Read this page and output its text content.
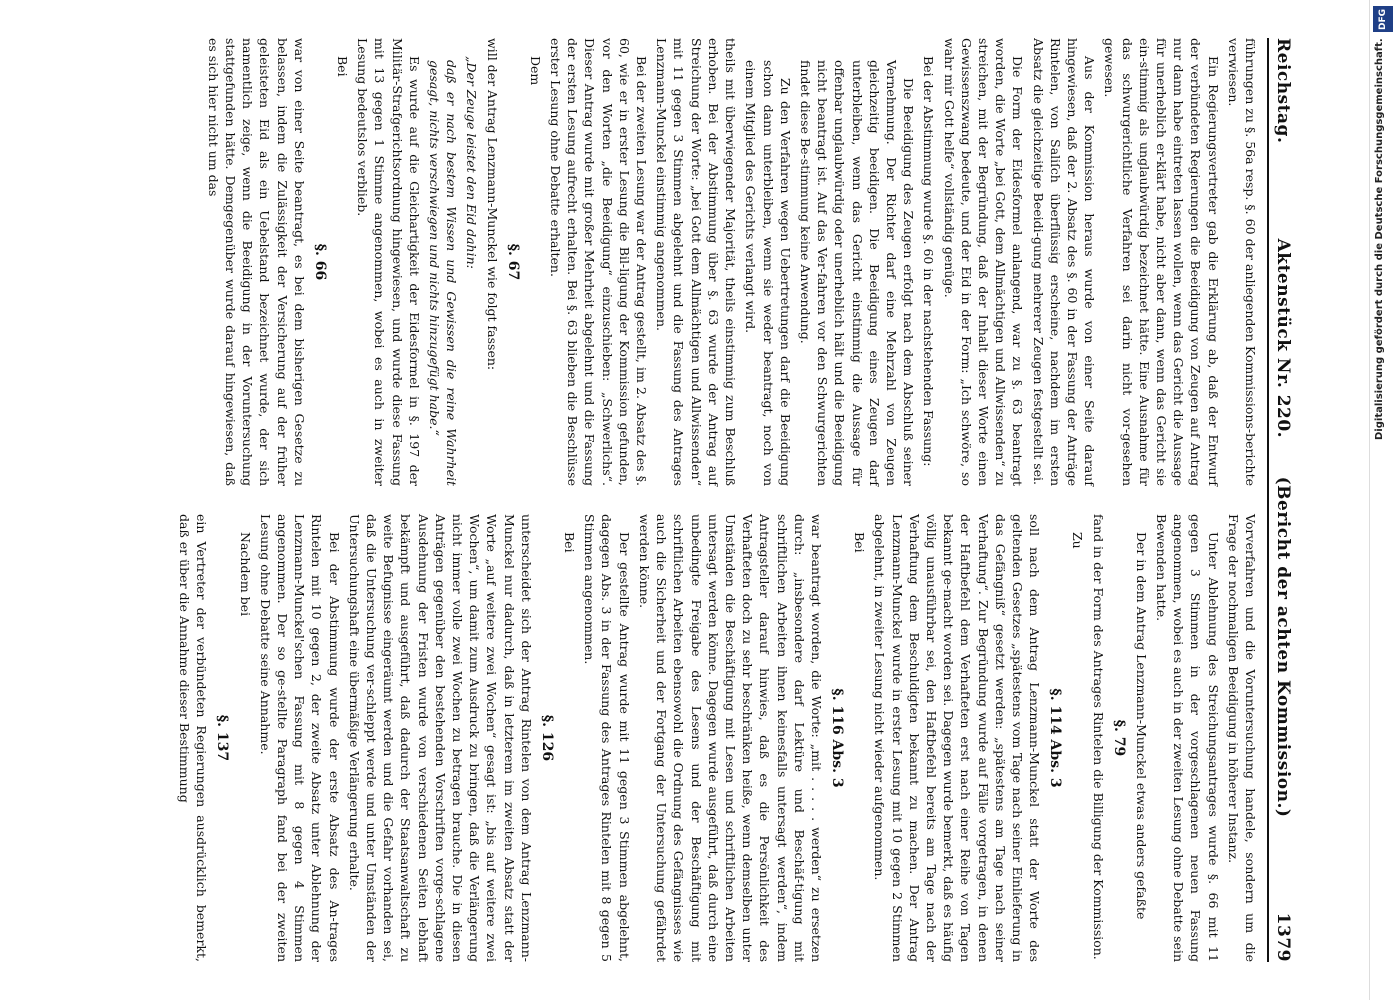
Reichstag.
Aktenstück Nr. 220.      (Bericht der achten Kommission.)
1379

führungen zu §. 56a resp. §. 60 der anliegenden Kommissions-berichte verwiesen.

Ein Regierungsvertreter gab die Erklärung ab, daß der Entwurf der verbündeten Regierungen die Beeidigung von Zeugen auf Antrag nur dann habe eintreten lassen wollen, wenn das Gericht die Aussage für unerheblich er-klärt habe, nicht aber dann, wenn das Gericht sie ein-stimmig als unglaubwürdig bezeichnet hätte. Eine Ausnahme für das schwurgerichtliche Verfahren sei darin nicht vor-gesehen gewesen.

Aus der Kommission heraus wurde von einer Seite darauf hingewiesen, daß der 2. Absatz des §. 60 in der Fassung der Anträge Rintelen, von Saliſch überflüssig erscheine, nachdem im ersten Absatz die gleichzeitige Beeidi-gung mehrerer Zeugen festgestellt sei.

Die Form der Eidesformel anlangend, war zu §. 63 beantragt worden, die Worte „bei Gott, dem Allmächtigen und Allwissenden“ zu streichen, mit der Begründung, daß der Inhalt dieser Worte einen Gewissenszwang bedeute, und der Eid in der Form: „Ich schwöre, so wahr mir Gott helfe“ vollständig genüge.

Bei der Abstimmung wurde §. 60 in der nachstehenden Fassung:

Die Beeidigung des Zeugen erfolgt nach dem Abschluß seiner Vernehmung. Der Richter darf eine Mehrzahl von Zeugen gleichzeitig beeidigen. Die Beeidigung eines Zeugen darf unterbleiben, wenn das Gericht einstimmig die Aussage für offenbar unglaubwürdig oder unerheblich hält und die Beeidigung nicht beantragt ist. Auf das Ver-fahren vor den Schwurgerichten findet diese Be-stimmung keine Anwendung.

Zu den Verfahren wegen Uebertretungen darf die Beeidigung schon dann unterbleiben, wenn sie weder beantragt, noch von einem Mitglied des Gerichts verlangt wird.

theils mit überwiegender Majorität, theils einstimmig zum Beschluß erhoben. Bei der Abstimmung über §. 63 wurde der Antrag auf Streichung der Worte: „bei Gott dem Allmächtigen und Allwissenden“ mit 11 gegen 3 Stimmen abgelehnt und die Fassung des Antrages Lenzmann-Munckel einstimmig angenommen.

Bei der zweiten Lesung war der Antrag gestellt, im 2. Absatz des §. 60, wie er in erster Lesung die Bil-ligung der Kommission gefunden, vor den Worten „die Beeidigung“ einzuschieben: „Schwerlichs“. Dieser Antrag wurde mit großer Mehrheit abgelehnt und die Fassung der ersten Lesung aufrecht erhalten. Bei §. 63 blieben die Beschlüsse erster Lesung ohne Debatte erhalten.

Dem

§. 67

will der Antrag Lenzmann-Munckel wie folgt fassen:

„Der Zeuge leistet den Eid dahin:

daß er nach bestem Wissen und Gewissen die reine Wahrheit gesagt, nichts verschwiegen und nichts hinzugefügt habe.“

Es wurde auf die Gleichartigkeit der Eidesformel in §. 197 der Militär-Strafgerichtsordnung hingewiesen, und wurde diese Fassung mit 13 gegen 1 Stimme angenommen, wobei es auch in zweiter Lesung bedeutslos verblieb.

Bei

§. 66

war von einer Seite beantragt, es bei dem bisherigen Gesetze zu belassen, indem die Zulässigkeit der Versicherung auf der früher geleisteten Eid als ein Uebelstand bezeichnet wurde, der sich namentlich zeige, wenn die Beeidigung in der Voruntersuchung stattgefunden hätte. Demgegenüber wurde darauf hingewiesen, daß es sich hier nicht um das

Vorverfahren und die Voruntersuchung handele, sondern um die Frage der nochmaligen Beeidigung in höherer Instanz.

Unter Ablehnung des Streichungsantrages wurde §. 66 mit 11 gegen 3 Stimmen in der vorgeschlagenen neuen Fassung angenommen, wobei es auch in der zweiten Lesung ohne Debatte sein Bewenden hatte.

Der in dem Antrag Lenzmann-Munckel etwas anders gefaßte

§. 79

fand in der Form des Antrages Rintelen die Billigung der Kommission.

Zu

§. 114 Abs. 3

soll nach dem Antrag Lenzmann-Munckel statt der Worte des geltenden Gesetzes „spätestens vom Tage nach seiner Einlieferung in das Gefängniß“ gesetzt werden: „spätestens am Tage nach seiner Verhaftung“. Zur Begründung wurde auf Fälle vorgetragen, in denen der Haftbefehl dem Verhafteten erst nach einer Reihe von Tagen bekannt ge-macht worden sei. Dagegen wurde bemerkt, daß es häufig völlig unausführbar sei, den Haftbefehl bereits am Tage nach der Verhaftung dem Beschuldigten bekannt zu machen. Der Antrag Lenzmann-Munckel wurde in erster Lesung mit 10 gegen 2 Stimmen abgelehnt, in zweiter Lesung nicht wieder aufgenommen.

Bei

§. 116 Abs. 3

war beantragt worden, die Worte: „mit . . . . . werden“ zu ersetzen durch: „insbesondere darf Lektüre und Beschäf-tigung mit schriftlichen Arbeiten ihnen keinesfalls untersagt werden“, indem Antragsteller darauf hinwies, daß es die Persönlichkeit des Verhafteten doch zu sehr beschränken heiße, wenn demselben unter Umständen die Beschäftigung mit Lesen und schriftlichen Arbeiten untersagt werden könne. Dagegen wurde ausgeführt, daß durch eine unbedingte Freigabe des Lesens und der Beschäftigung mit schriftlichen Arbeiten ebensowohl die Ordnung des Gefängnisses wie auch die Sicherheit und der Fortgang der Untersuchung gefährdet werden könne.

Der gestellte Antrag wurde mit 11 gegen 3 Stimmen abgelehnt, dagegen Abs. 3 in der Fassung des Antrages Rintelen mit 8 gegen 5 Stimmen angenommen.

Bei

§. 126

unterscheidet sich der Antrag Rintelen von dem Antrag Lenzmann-Munckel nur dadurch, daß in letzterem im zweiten Absatz statt der Worte „auf weitere zwei Wochen“ gesagt ist: „bis auf weitere zwei Wochen“, um damit zum Ausdruck zu bringen, daß die Verlängerung nicht immer volle zwei Wochen zu betragen brauche. Die in diesen Anträgen gegenüber den bestehenden Vorschriften vorge-schlagene Ausdehnung der Fristen wurde von verschiedenen Seiten lebhaft bekämpft und ausgeführt, daß dadurch der Staatsanwaltschaft zu weite Befugnisse eingeräumt werden und die Gefahr vorhanden sei, daß die Untersuchung ver-schleppt werde und unter Umständen der Untersuchungshaft eine übermäßige Verlängerung erhalte.

Bei der Abstimmung wurde der erste Absatz des An-trages Rintelen mit 10 gegen 2, der zweite Absatz unter Ablehnung der Lenzmann-Munckel'schen Fassung mit 8 gegen 4 Stimmen angenommen. Der so ge-stellte Paragraph fand bei der zweiten Lesung ohne Debatte seine Annahme.

Nachdem bei

§. 137

ein Vertreter der verbündeten Regierungen ausdrücklich bemerkt, daß er über die Annahme dieser Bestimmung

DFG
Digitalisierung gefördert durch die Deutsche Forschungsgemeinschaft.
